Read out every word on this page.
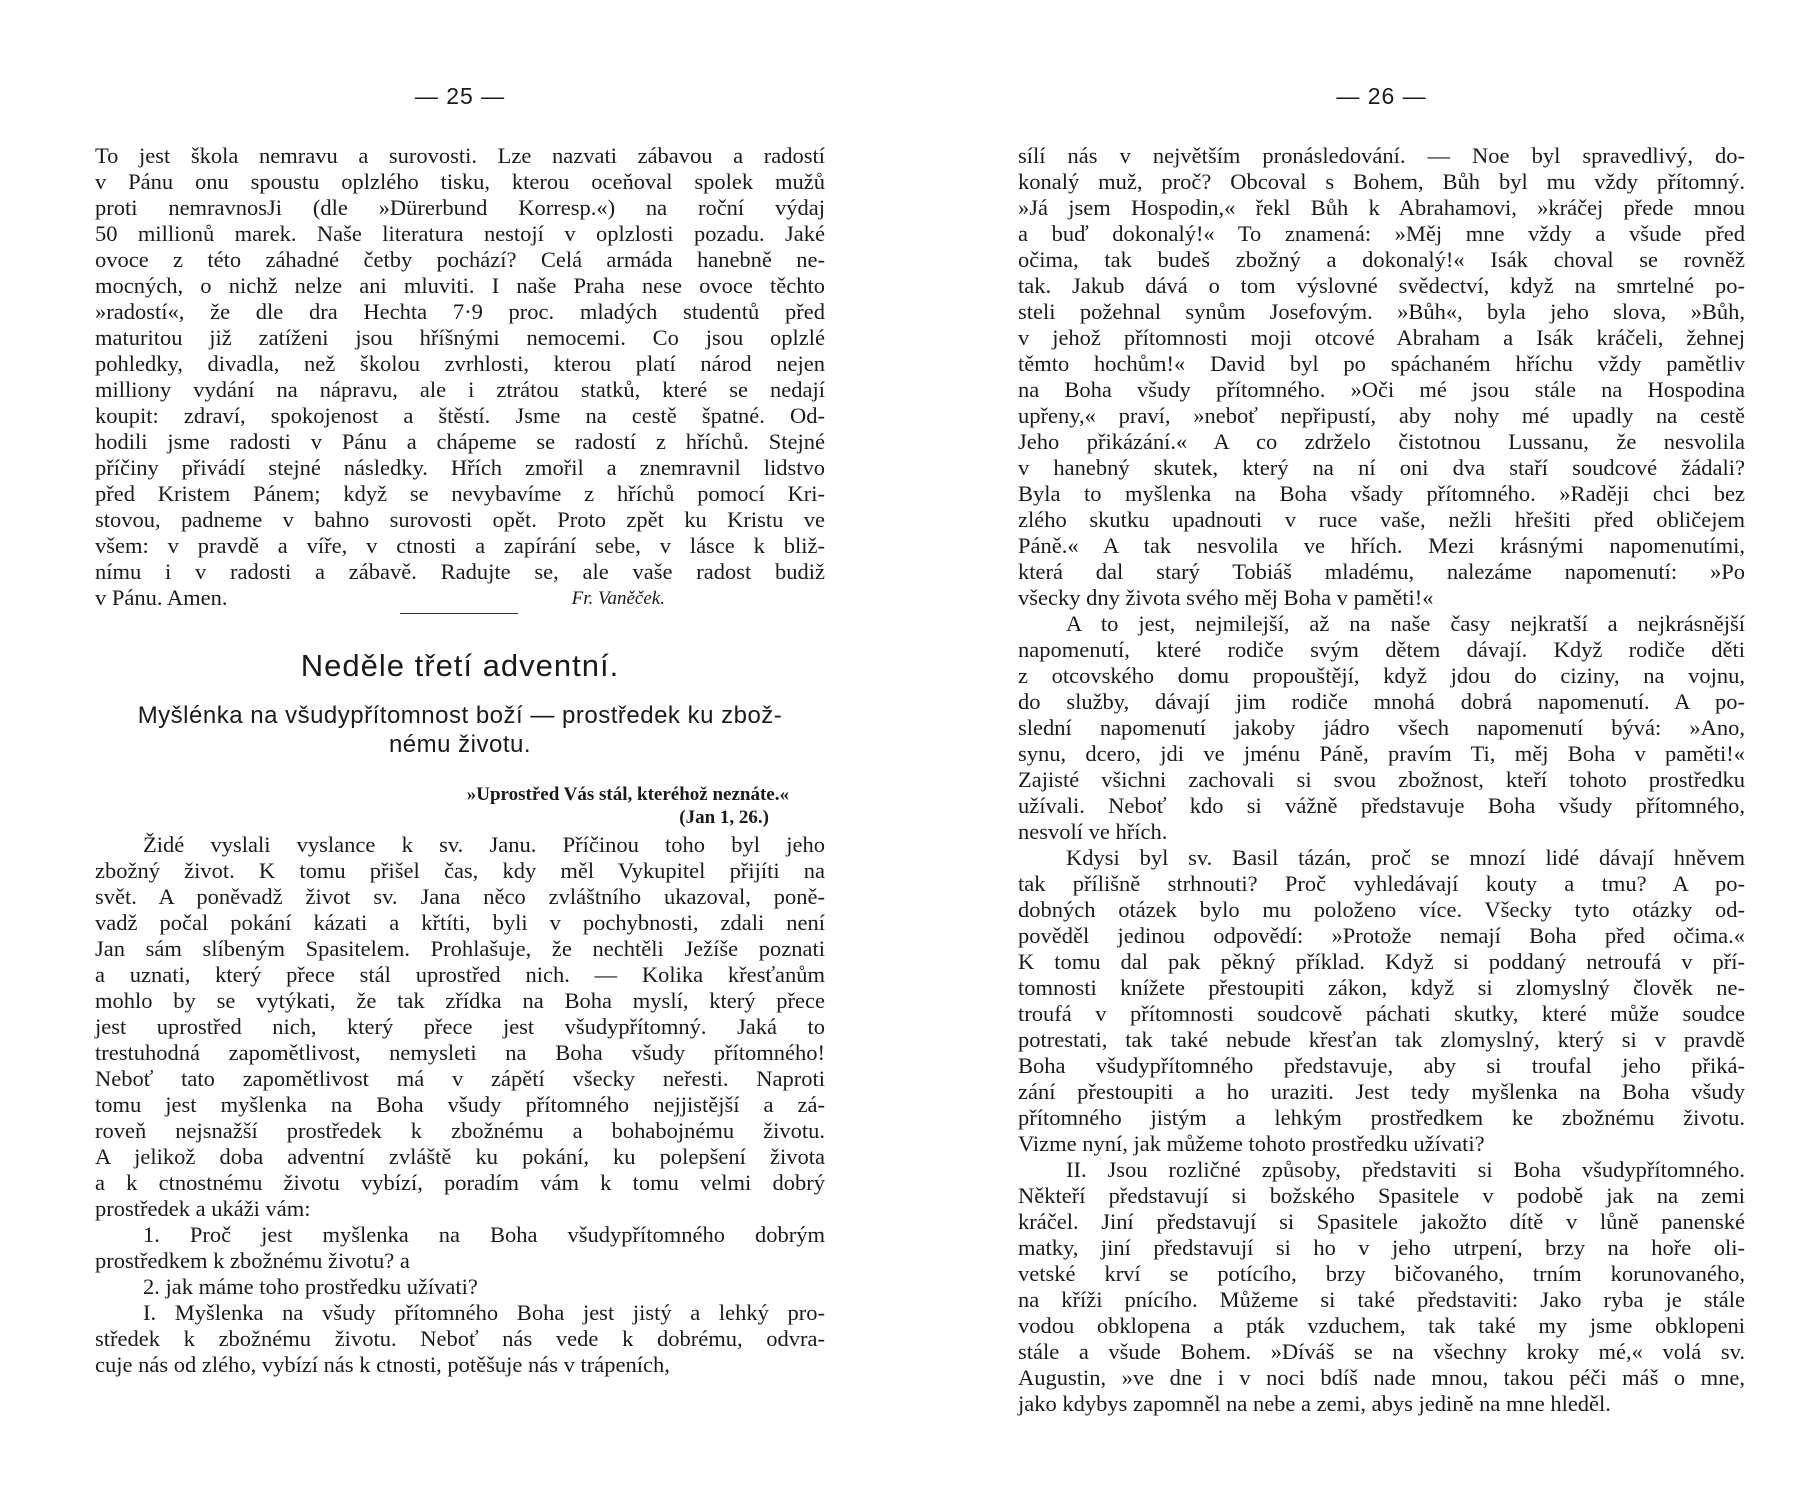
— 25 —

To jest škola nemravu a surovosti. Lze nazvati zábavou a radostí

v Pánu onu spoustu oplzlého tisku, kterou oceňoval spolek mužů

proti nemravnosJi (dle »Dürerbund Korresp.«) na roční výdaj

50 millionů marek. Naše literatura nestojí v oplzlosti pozadu. Jaké

ovoce z této záhadné četby pochází? Celá armáda hanebně ne-

mocných, o nichž nelze ani mluviti. I naše Praha nese ovoce těchto

»radostí«, že dle dra Hechta 7·9 proc. mladých studentů před

maturitou již zatíženi jsou hříšnými nemocemi. Co jsou oplzlé

pohledky, divadla, než školou zvrhlosti, kterou platí národ nejen

milliony vydání na nápravu, ale i ztrátou statků, které se nedají

koupit: zdraví, spokojenost a štěstí. Jsme na cestě špatné. Od-

hodili jsme radosti v Pánu a chápeme se radostí z hříchů. Stejné

příčiny přivádí stejné následky. Hřích zmořil a znemravnil lidstvo

před Kristem Pánem; když se nevybavíme z hříchů pomocí Kri-

stovou, padneme v bahno surovosti opět. Proto zpět ku Kristu ve

všem: v pravdě a víře, v ctnosti a zapírání sebe, v lásce k bliž-

nímu i v radosti a zábavě. Radujte se, ale vaše radost budiž

v Pánu. Amen.	Fr. Vaněček.
Neděle třetí adventní.
Myšlénka na všudypřítomnost boží — prostředek ku zbož-
nému životu.
»Uprostřed Vás stál, kteréhož neznáte.«
(Jan 1, 26.)

Židé vyslali vyslance k sv. Janu. Příčinou toho byl jeho

zbožný život. K tomu přišel čas, kdy měl Vykupitel přijíti na

svět. A poněvadž život sv. Jana něco zvláštního ukazoval, poně-

vadž počal pokání kázati a křtíti, byli v pochybnosti, zdali není

Jan sám slíbeným Spasitelem. Prohlašuje, že nechtěli Ježíše poznati

a uznati, který přece stál uprostřed nich. — Kolika křesťanům

mohlo by se vytýkati, že tak zřídka na Boha myslí, který přece

jest uprostřed nich, který přece jest všudypřítomný. Jaká to

trestuhodná zapomětlivost, nemysleti na Boha všudy přítomného!

Neboť tato zapomětlivost má v zápětí všecky neřesti. Naproti

tomu jest myšlenka na Boha všudy přítomného nejjistější a zá-

roveň nejsnažší prostředek k zbožnému a bohabojnému životu.

A jelikož doba adventní zvláště ku pokání, ku polepšení života

a k ctnostnému životu vybízí, poradím vám k tomu velmi dobrý

prostředek a ukáži vám:

1. Proč jest myšlenka na Boha všudypřítomného dobrým

prostředkem k zbožnému životu? a

2. jak máme toho prostředku užívati?

I. Myšlenka na všudy přítomného Boha jest jistý a lehký pro-

středek k zbožnému životu. Neboť nás vede k dobrému, odvra-

cuje nás od zlého, vybízí nás k ctnosti, potěšuje nás v trápeních,

— 26 —

sílí nás v největším pronásledování. — Noe byl spravedlivý, do-

konalý muž, proč? Obcoval s Bohem, Bůh byl mu vždy přítomný.

»Já jsem Hospodin,« řekl Bůh k Abrahamovi, »kráčej přede mnou

a buď dokonalý!« To znamená: »Měj mne vždy a všude před

očima, tak budeš zbožný a dokonalý!« Isák choval se rovněž

tak. Jakub dává o tom výslovné svědectví, když na smrtelné po-

steli požehnal synům Josefovým. »Bůh«, byla jeho slova, »Bůh,

v jehož přítomnosti moji otcové Abraham a Isák kráčeli, žehnej

těmto hochům!« David byl po spáchaném hříchu vždy pamětliv

na Boha všudy přítomného. »Oči mé jsou stále na Hospodina

upřeny,« praví, »neboť nepřipustí, aby nohy mé upadly na cestě

Jeho přikázání.« A co zdrželo čistotnou Lussanu, že nesvolila

v hanebný skutek, který na ní oni dva staří soudcové žádali?

Byla to myšlenka na Boha všady přítomného. »Raději chci bez

zlého skutku upadnouti v ruce vaše, nežli hřešiti před obličejem

Páně.« A tak nesvolila ve hřích. Mezi krásnými napomenutími,

která dal starý Tobiáš mladému, nalezáme napomenutí: »Po

všecky dny života svého měj Boha v paměti!«

A to jest, nejmilejší, až na naše časy nejkratší a nejkrásnější

napomenutí, které rodiče svým dětem dávají. Když rodiče děti

z otcovského domu propouštějí, když jdou do ciziny, na vojnu,

do služby, dávají jim rodiče mnohá dobrá napomenutí. A po-

slední napomenutí jakoby jádro všech napomenutí bývá: »Ano,

synu, dcero, jdi ve jménu Páně, pravím Ti, měj Boha v paměti!«

Zajisté všichni zachovali si svou zbožnost, kteří tohoto prostředku

užívali. Neboť kdo si vážně představuje Boha všudy přítomného,

nesvolí ve hřích.

Kdysi byl sv. Basil tázán, proč se mnozí lidé dávají hněvem

tak přílišně strhnouti? Proč vyhledávají kouty a tmu? A po-

dobných otázek bylo mu položeno více. Všecky tyto otázky od-

pověděl jedinou odpovědí: »Protože nemají Boha před očima.«

K tomu dal pak pěkný příklad. Když si poddaný netroufá v pří-

tomnosti knížete přestoupiti zákon, když si zlomyslný člověk ne-

troufá v přítomnosti soudcově páchati skutky, které může soudce

potrestati, tak také nebude křesťan tak zlomyslný, který si v pravdě

Boha všudypřítomného představuje, aby si troufal jeho přiká-

zání přestoupiti a ho uraziti. Jest tedy myšlenka na Boha všudy

přítomného jistým a lehkým prostředkem ke zbožnému životu.

Vizme nyní, jak můžeme tohoto prostředku užívati?

II. Jsou rozličné způsoby, představiti si Boha všudypřítomného.

Někteří představují si božského Spasitele v podobě jak na zemi

kráčel. Jiní představují si Spasitele jakožto dítě v lůně panenské

matky, jiní představují si ho v jeho utrpení, brzy na hoře oli-

vetské krví se potícího, brzy bičovaného, trním korunovaného,

na kříži pnícího. Můžeme si také představiti: Jako ryba je stále

vodou obklopena a pták vzduchem, tak také my jsme obklopeni

stále a všude Bohem. »Díváš se na všechny kroky mé,« volá sv.

Augustin, »ve dne i v noci bdíš nade mnou, takou péči máš o mne,

jako kdybys zapomněl na nebe a zemi, abys jedině na mne hleděl.
